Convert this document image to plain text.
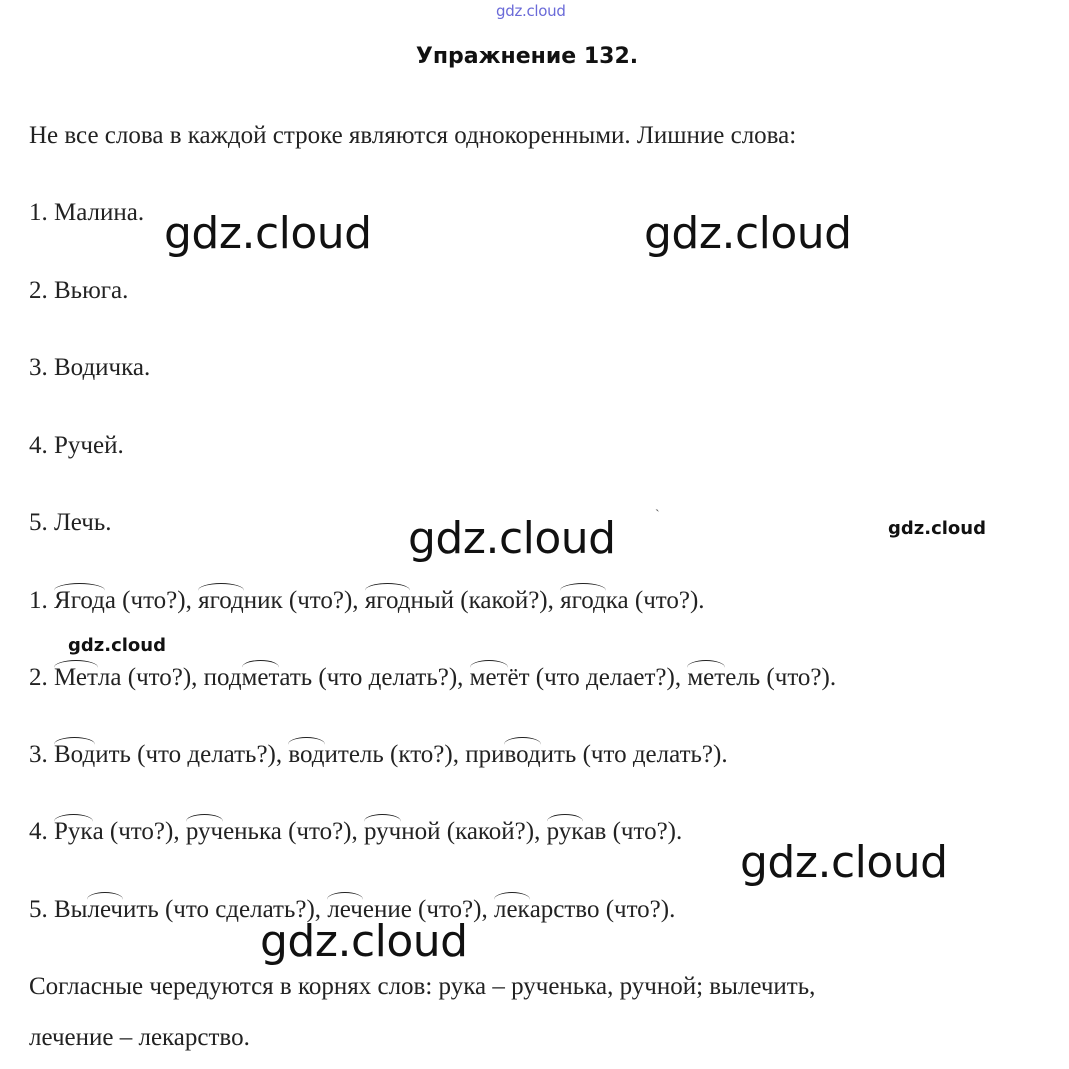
gdz.cloud
Упражнение 132.
Не все слова в каждой строке являются однокоренными. Лишние слова:
1. Малина.
2. Вьюга.
3. Водичка.
4. Ручей.
5. Лечь.
1. Ягода (что?), ягодник (что?), ягодный (какой?), ягодка (что?).
2. Метла (что?), подметать (что делать?), метёт (что делает?), метель (что?).
3. Водить (что делать?), водитель (кто?), приводить (что делать?).
4. Рука (что?), рученька (что?), ручной (какой?), рукав (что?).
5. Вылечить (что сделать?), лечение (что?), лекарство (что?).
Согласные чередуются в корнях слов: рука – рученька, ручной; вылечить,
лечение – лекарство.
gdz.cloud	gdz.cloud
gdz.cloud	gdz.cloud
gdz.cloud
gdz.cloud
gdz.cloud
`
